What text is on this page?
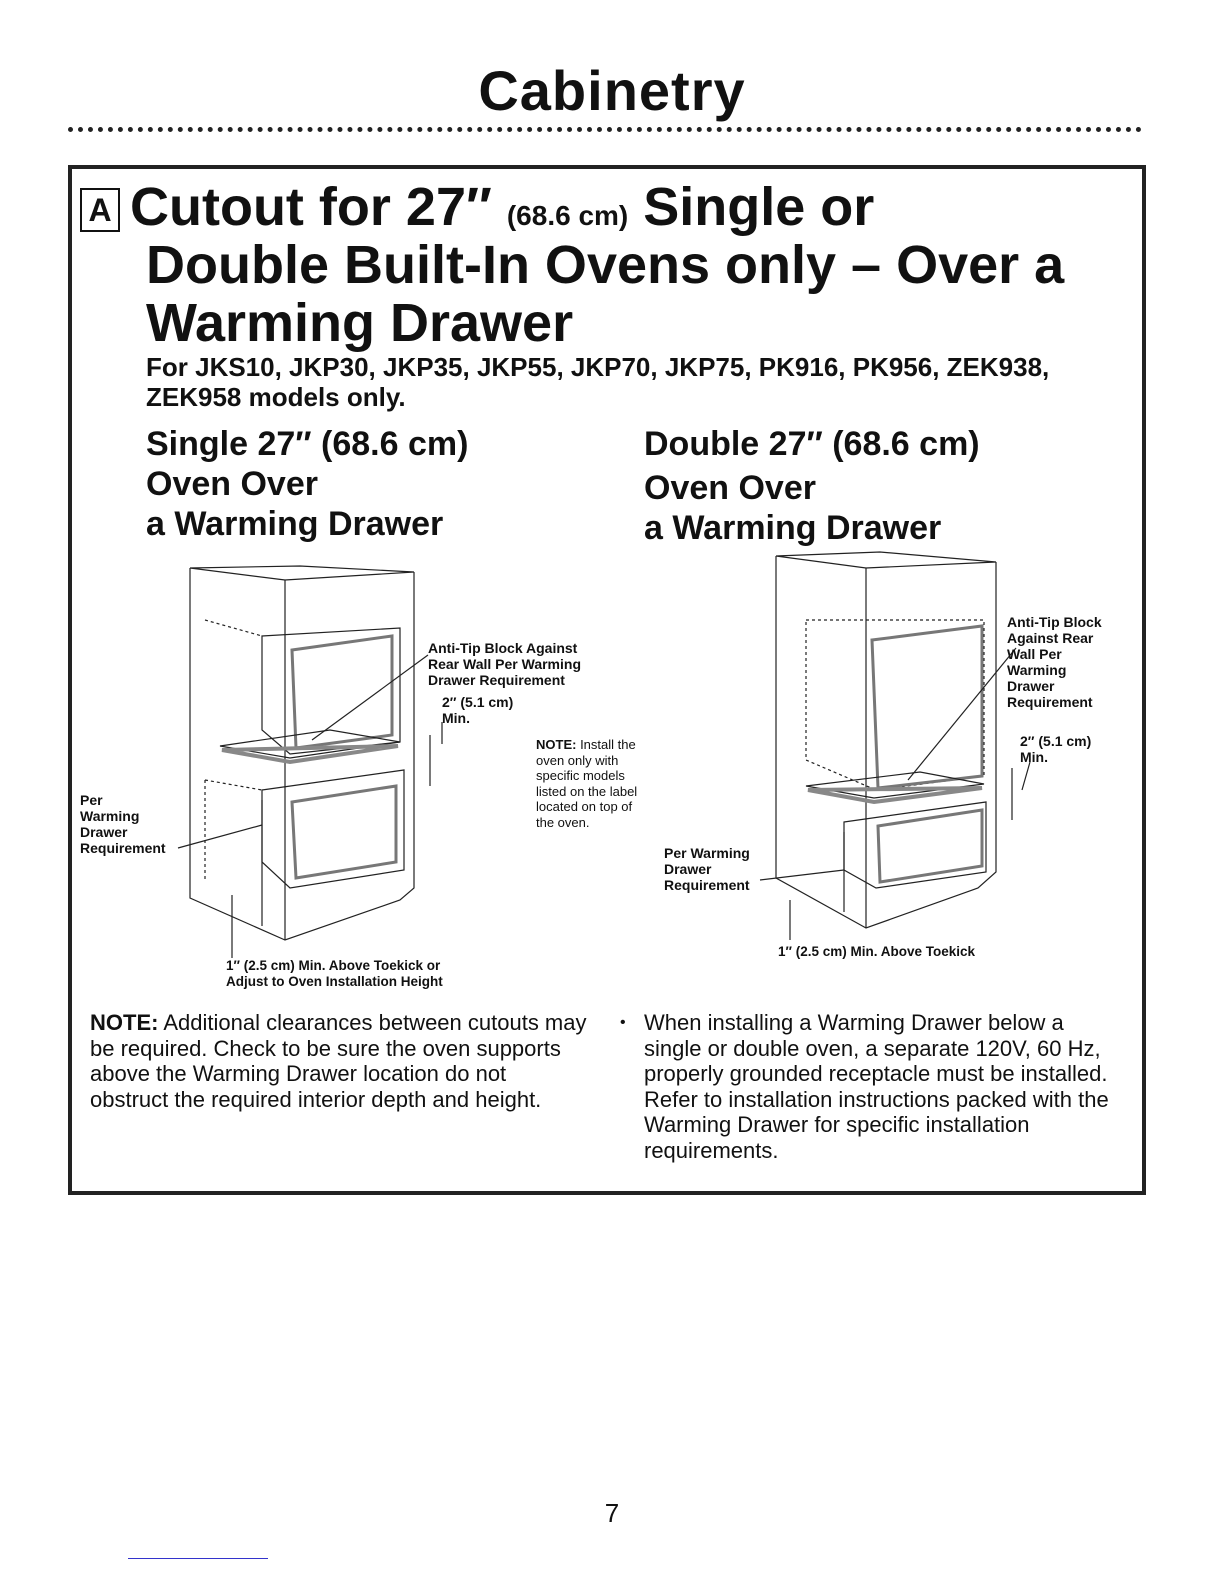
Cabinetry
A Cutout for 27″ (68.6 cm) Single or
Double Built-In Ovens only – Over a
Warming Drawer
For JKS10, JKP30, JKP35, JKP55, JKP70, JKP75, PK916, PK956, ZEK938, ZEK958 models only.
Single 27″ (68.6 cm)
Oven Over
a Warming Drawer
Double 27″ (68.6 cm)
Oven Over
a Warming Drawer
Anti-Tip Block Against
Rear Wall Per Warming
Drawer Requirement
2″ (5.1 cm)
Min.
Per
Warming
Drawer
Requirement
1″ (2.5 cm) Min. Above Toekick or
Adjust to Oven Installation Height
NOTE: Install the
oven only with
specific models
listed on the label
located on top of
the oven.
Anti-Tip Block
Against Rear
Wall Per
Warming
Drawer
Requirement
2″ (5.1 cm)
Min.
Per Warming
Drawer
Requirement
1″ (2.5 cm) Min. Above Toekick
NOTE: Additional clearances between cutouts may be required. Check to be sure the oven supports above the Warming Drawer location do not obstruct the required interior depth and height.
• When installing a Warming Drawer below a single or double oven, a separate 120V, 60 Hz, properly grounded receptacle must be installed. Refer to installation instructions packed with the Warming Drawer for specific installation requirements.
7
